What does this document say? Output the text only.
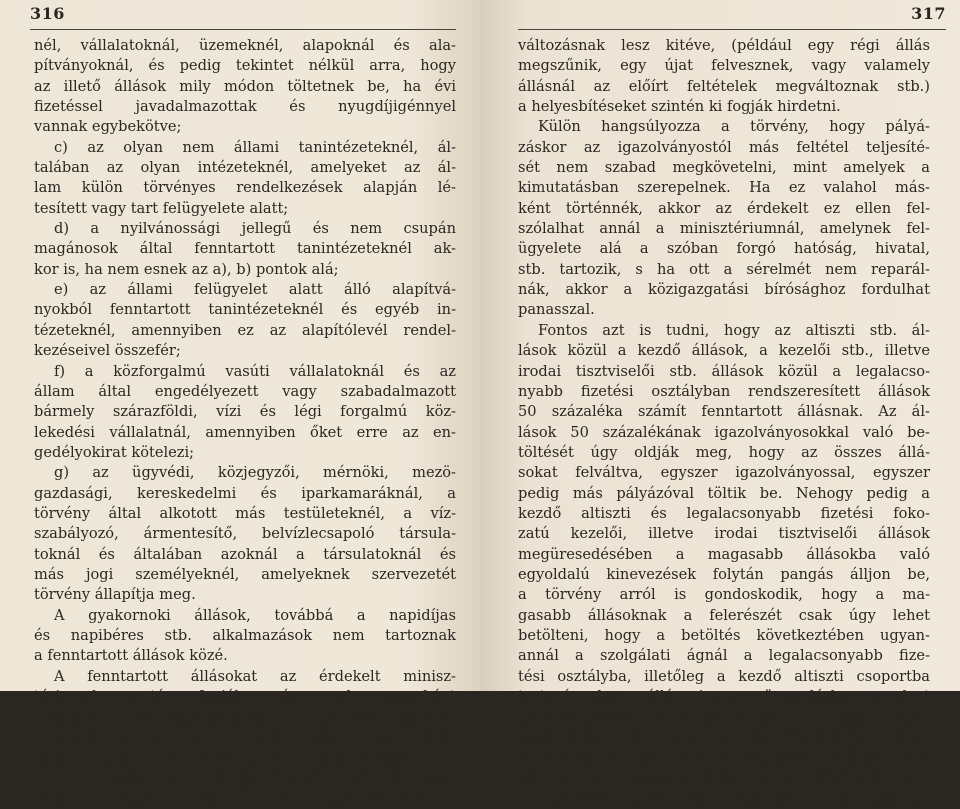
316
nél, vállalatoknál, üzemeknél, alapoknál és ala-
pítványoknál, és pedig tekintet nélkül arra, hogy
az illető állások mily módon töltetnek be, ha évi
fizetéssel javadalmazottak és nyugdíjigénnyel
vannak egybekötve;
c) az olyan nem állami tanintézeteknél, ál-
talában az olyan intézeteknél, amelyeket az ál-
lam külön törvényes rendelkezések alapján lé-
tesített vagy tart felügyelete alatt;
d) a nyilvánossági jellegű és nem csupán
magánosok által fenntartott tanintézeteknél ak-
kor is, ha nem esnek az a), b) pontok alá;
e) az állami felügyelet alatt álló alapítvá-
nyokból fenntartott tanintézeteknél és egyéb in-
tézeteknél, amennyiben ez az alapítólevél rendel-
kezéseivel összefér;
f) a közforgalmú vasúti vállalatoknál és az
állam által engedélyezett vagy szabadalmazott
bármely szárazföldi, vízi és légi forgalmú köz-
lekedési vállalatnál, amennyiben őket erre az en-
gedélyokirat kötelezi;
g) az ügyvédi, közjegyzői, mérnöki, mezö-
gazdasági, kereskedelmi és iparkamaráknál, a
törvény által alkotott más testületeknél, a víz-
szabályozó, ármentesítő, belvízlecsapoló társula-
toknál és általában azoknál a társulatoknál és
más jogi személyeknél, amelyeknek szervezetét
törvény állapítja meg.
A gyakornoki állások, továbbá a napidíjas
és napibéres stb. alkalmazások nem tartoznak
a fenntartott állások közé.
A fenntartott állásokat az érdekelt minisz-
tériumok ezután fogják még csak egyenként
megjelölni és egyetértőleg kimutatásba foglalni,
amelyből az is kitűnik majd, hogy milyen felté-
telek mellett nyerhetők el az illető állások. Ezt
a kimutatást a belügyminiszter (VII—c. osz-
tály) ki fogja hirdetni s minthogy az állandó
317
változásnak lesz kitéve, (például egy régi állás
megszűnik, egy újat felvesznek, vagy valamely
állásnál az előírt feltételek megváltoznak stb.)
a helyesbítéseket szintén ki fogják hirdetni.
Külön hangsúlyozza a törvény, hogy pályá-
záskor az igazolványostól más feltétel teljesíté-
sét nem szabad megkövetelni, mint amelyek a
kimutatásban szerepelnek. Ha ez valahol más-
ként történnék, akkor az érdekelt ez ellen fel-
szólalhat annál a minisztériumnál, amelynek fel-
ügyelete alá a szóban forgó hatóság, hivatal,
stb. tartozik, s ha ott a sérelmét nem reparál-
nák, akkor a közigazgatási bírósághoz fordulhat
panasszal.
Fontos azt is tudni, hogy az altiszti stb. ál-
lások közül a kezdő állások, a kezelői stb., illetve
irodai tisztviselői stb. állások közül a legalacso-
nyabb fizetési osztályban rendszeresített állások
50 százaléka számít fenntartott állásnak. Az ál-
lások 50 százalékának igazolványosokkal való be-
töltését úgy oldják meg, hogy az összes állá-
sokat felváltva, egyszer igazolványossal, egyszer
pedig más pályázóval töltik be. Nehogy pedig a
kezdő altiszti és legalacsonyabb fizetési foko-
zatú kezelői, illetve irodai tisztviselői állások
megüresedésében a magasabb állásokba való
egyoldalú kinevezések folytán pangás álljon be,
a törvény arról is gondoskodik, hogy a ma-
gasabb állásoknak a felerészét csak úgy lehet
betölteni, hogy a betöltés következtében ugyan-
annál a szolgálati ágnál a legalacsonyabb fize-
tési osztályba, illetőleg a kezdő altiszti csoportba
tartozó olyan állás jusson üresedésbe, amelyet
igazolványosok is elnyerhetnek. Ha egy maga-
sabb állást nem lehet ennek megfelelően, tehát
az alacsonyabbból való kinevezéssel betölteni, ak-
kor ezt a magasabb állást is a törvényben elő-
írt pályázat útján kell betölteni. Ilyen esetben
